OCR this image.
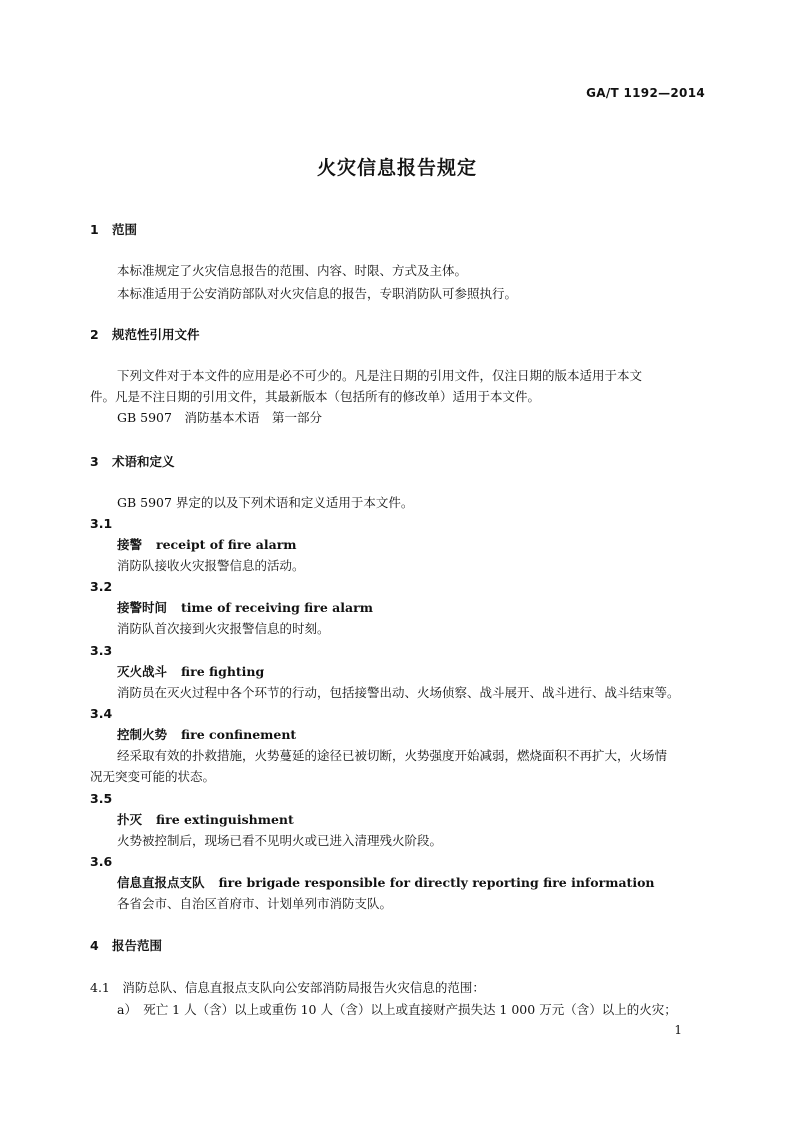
GA/T 1192—2014
火灾信息报告规定
1 范围
本标准规定了火灾信息报告的范围、内容、时限、方式及主体。
本标准适用于公安消防部队对火灾信息的报告，专职消防队可参照执行。
2 规范性引用文件
下列文件对于本文件的应用是必不可少的。凡是注日期的引用文件，仅注日期的版本适用于本文
件。凡是不注日期的引用文件，其最新版本（包括所有的修改单）适用于本文件。
GB 5907　消防基本术语　第一部分
3 术语和定义
GB 5907 界定的以及下列术语和定义适用于本文件。
3.1
接警 receipt of fire alarm
消防队接收火灾报警信息的活动。
3.2
接警时间 time of receiving fire alarm
消防队首次接到火灾报警信息的时刻。
3.3
灭火战斗 fire fighting
消防员在灭火过程中各个环节的行动，包括接警出动、火场侦察、战斗展开、战斗进行、战斗结束等。
3.4
控制火势 fire confinement
经采取有效的扑救措施，火势蔓延的途径已被切断，火势强度开始减弱，燃烧面积不再扩大，火场情
况无突变可能的状态。
3.5
扑灭 fire extinguishment
火势被控制后，现场已看不见明火或已进入清理残火阶段。
3.6
信息直报点支队 fire brigade responsible for directly reporting fire information
各省会市、自治区首府市、计划单列市消防支队。
4 报告范围
4.1　消防总队、信息直报点支队向公安部消防局报告火灾信息的范围：
a）　死亡 1 人（含）以上或重伤 10 人（含）以上或直接财产损失达 1 000 万元（含）以上的火灾；
1
